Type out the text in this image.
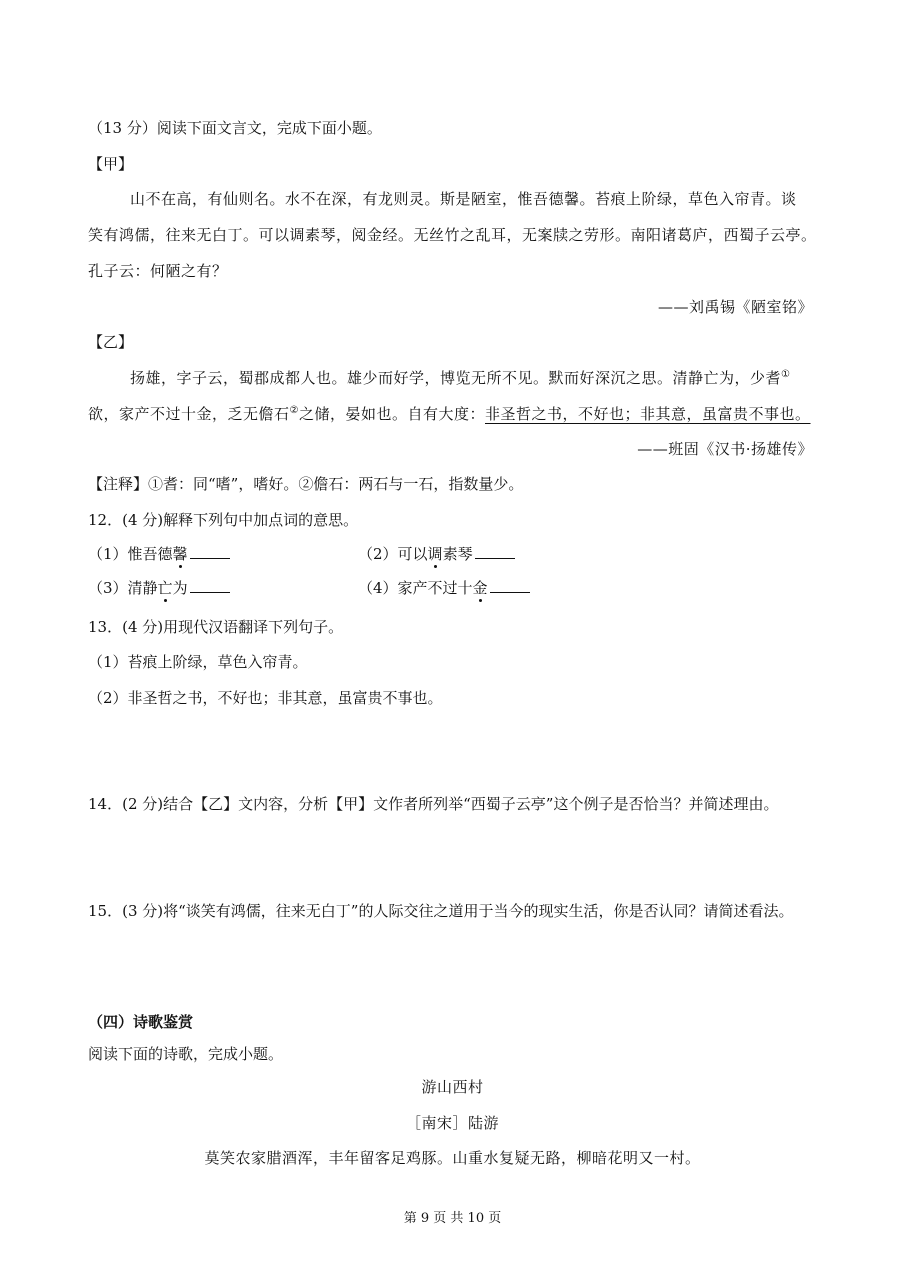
（13 分）阅读下面文言文，完成下面小题。
【甲】
山不在高，有仙则名。水不在深，有龙则灵。斯是陋室，惟吾德馨。苔痕上阶绿，草色入帘青。谈
笑有鸿儒，往来无白丁。可以调素琴，阅金经。无丝竹之乱耳，无案牍之劳形。南阳诸葛庐，西蜀子云亭。
孔子云：何陋之有？
——刘禹锡《陋室铭》
【乙】
扬雄，字子云，蜀郡成都人也。雄少而好学，博览无所不见。默而好深沉之思。清静亡为，少耆①
欲，家产不过十金，乏无儋石②之储，晏如也。自有大度：非圣哲之书，不好也；非其意，虽富贵不事也。
——班固《汉书·扬雄传》
【注释】①耆：同“嗜”，嗜好。②儋石：两石与一石，指数量少。
12．(4 分)解释下列句中加点词的意思。
（1）惟吾德馨	（2）可以调素琴
（3）清静亡为	（4）家产不过十金
13．(4 分)用现代汉语翻译下列句子。
（1）苔痕上阶绿，草色入帘青。
（2）非圣哲之书，不好也；非其意，虽富贵不事也。
14．(2 分)结合【乙】文内容，分析【甲】文作者所列举“西蜀子云亭”这个例子是否恰当？并简述理由。
15．(3 分)将“谈笑有鸿儒，往来无白丁”的人际交往之道用于当今的现实生活，你是否认同？请简述看法。
（四）诗歌鉴赏
阅读下面的诗歌，完成小题。
游山西村
［南宋］陆游
莫笑农家腊酒浑，丰年留客足鸡豚。山重水复疑无路，柳暗花明又一村。
第 9 页 共 10 页
